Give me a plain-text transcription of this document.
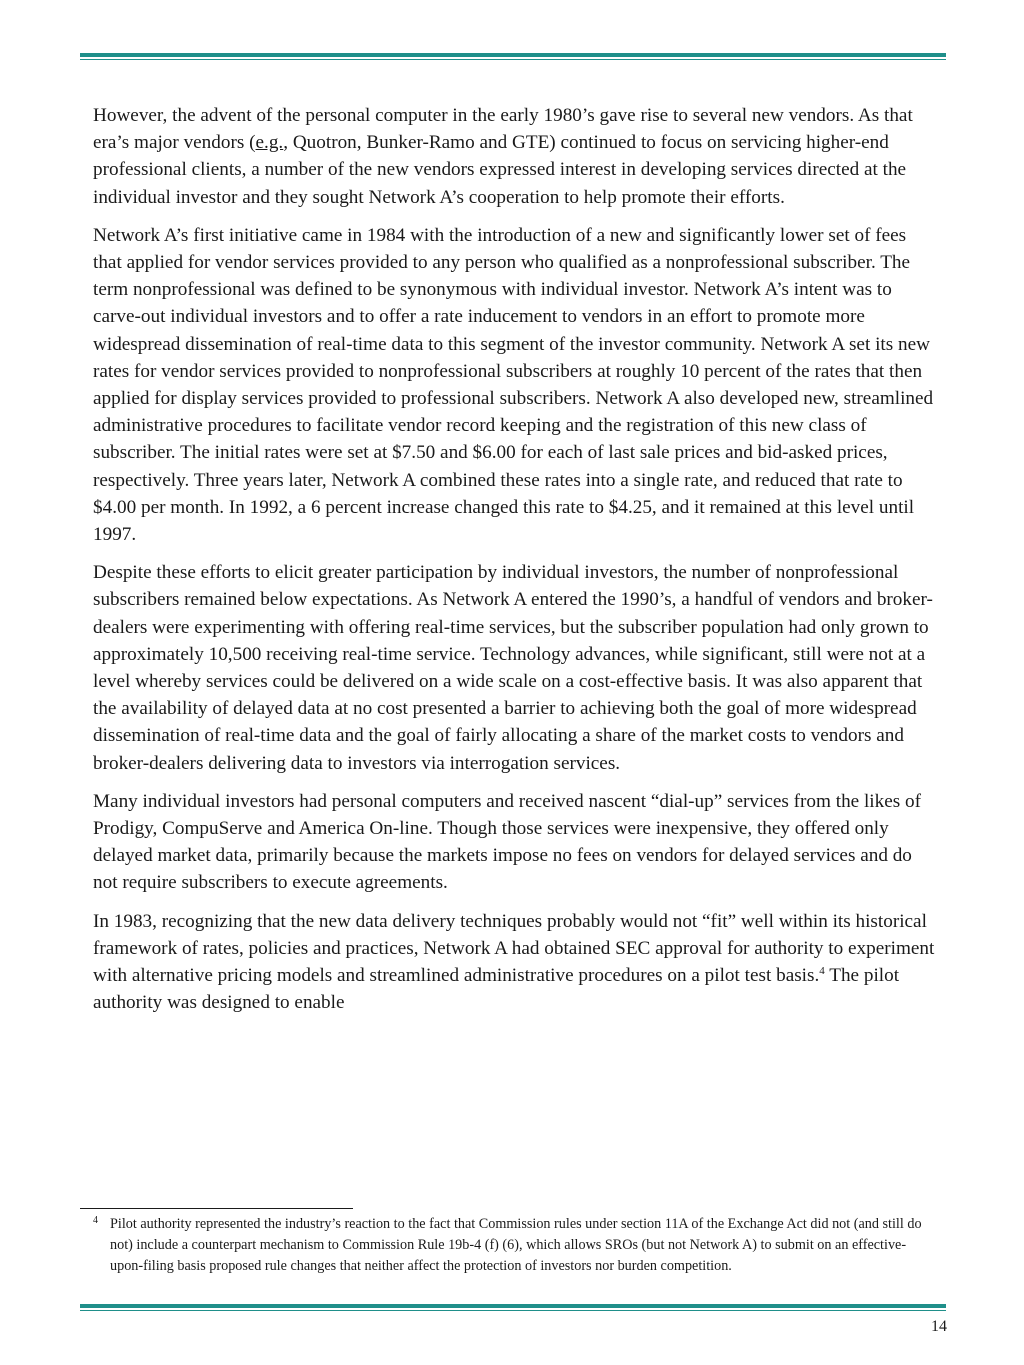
However, the advent of the personal computer in the early 1980’s gave rise to several new vendors. As that era’s major vendors (e.g., Quotron, Bunker-Ramo and GTE) continued to focus on servicing higher-end professional clients, a number of the new vendors expressed interest in developing services directed at the individual investor and they sought Network A’s cooperation to help promote their efforts.

Network A’s first initiative came in 1984 with the introduction of a new and significantly lower set of fees that applied for vendor services provided to any person who qualified as a nonprofessional subscriber. The term nonprofessional was defined to be synonymous with individual investor. Network A’s intent was to carve-out individual investors and to offer a rate inducement to vendors in an effort to promote more widespread dissemination of real-time data to this segment of the investor community. Network A set its new rates for vendor services provided to nonprofessional subscribers at roughly 10 percent of the rates that then applied for display services provided to professional subscribers. Network A also developed new, streamlined administrative procedures to facilitate vendor record keeping and the registration of this new class of subscriber. The initial rates were set at $7.50 and $6.00 for each of last sale prices and bid-asked prices, respectively. Three years later, Network A combined these rates into a single rate, and reduced that rate to $4.00 per month. In 1992, a 6 percent increase changed this rate to $4.25, and it remained at this level until 1997.

Despite these efforts to elicit greater participation by individual investors, the number of nonprofessional subscribers remained below expectations. As Network A entered the 1990’s, a handful of vendors and broker-dealers were experimenting with offering real-time services, but the subscriber population had only grown to approximately 10,500 receiving real-time service. Technology advances, while significant, still were not at a level whereby services could be delivered on a wide scale on a cost-effective basis. It was also apparent that the availability of delayed data at no cost presented a barrier to achieving both the goal of more widespread dissemination of real-time data and the goal of fairly allocating a share of the market costs to vendors and broker-dealers delivering data to investors via interrogation services.

Many individual investors had personal computers and received nascent “dial-up” services from the likes of Prodigy, CompuServe and America On-line. Though those services were inexpensive, they offered only delayed market data, primarily because the markets impose no fees on vendors for delayed services and do not require subscribers to execute agreements.

In 1983, recognizing that the new data delivery techniques probably would not “fit” well within its historical framework of rates, policies and practices, Network A had obtained SEC approval for authority to experiment with alternative pricing models and streamlined administrative procedures on a pilot test basis.$^4$ The pilot authority was designed to enable

4 Pilot authority represented the industry’s reaction to the fact that Commission rules under section 11A of the Exchange Act did not (and still do not) include a counterpart mechanism to Commission Rule 19b-4 (f) (6), which allows SROs (but not Network A) to submit on an effective-upon-filing basis proposed rule changes that neither affect the protection of investors nor burden competition.
14
